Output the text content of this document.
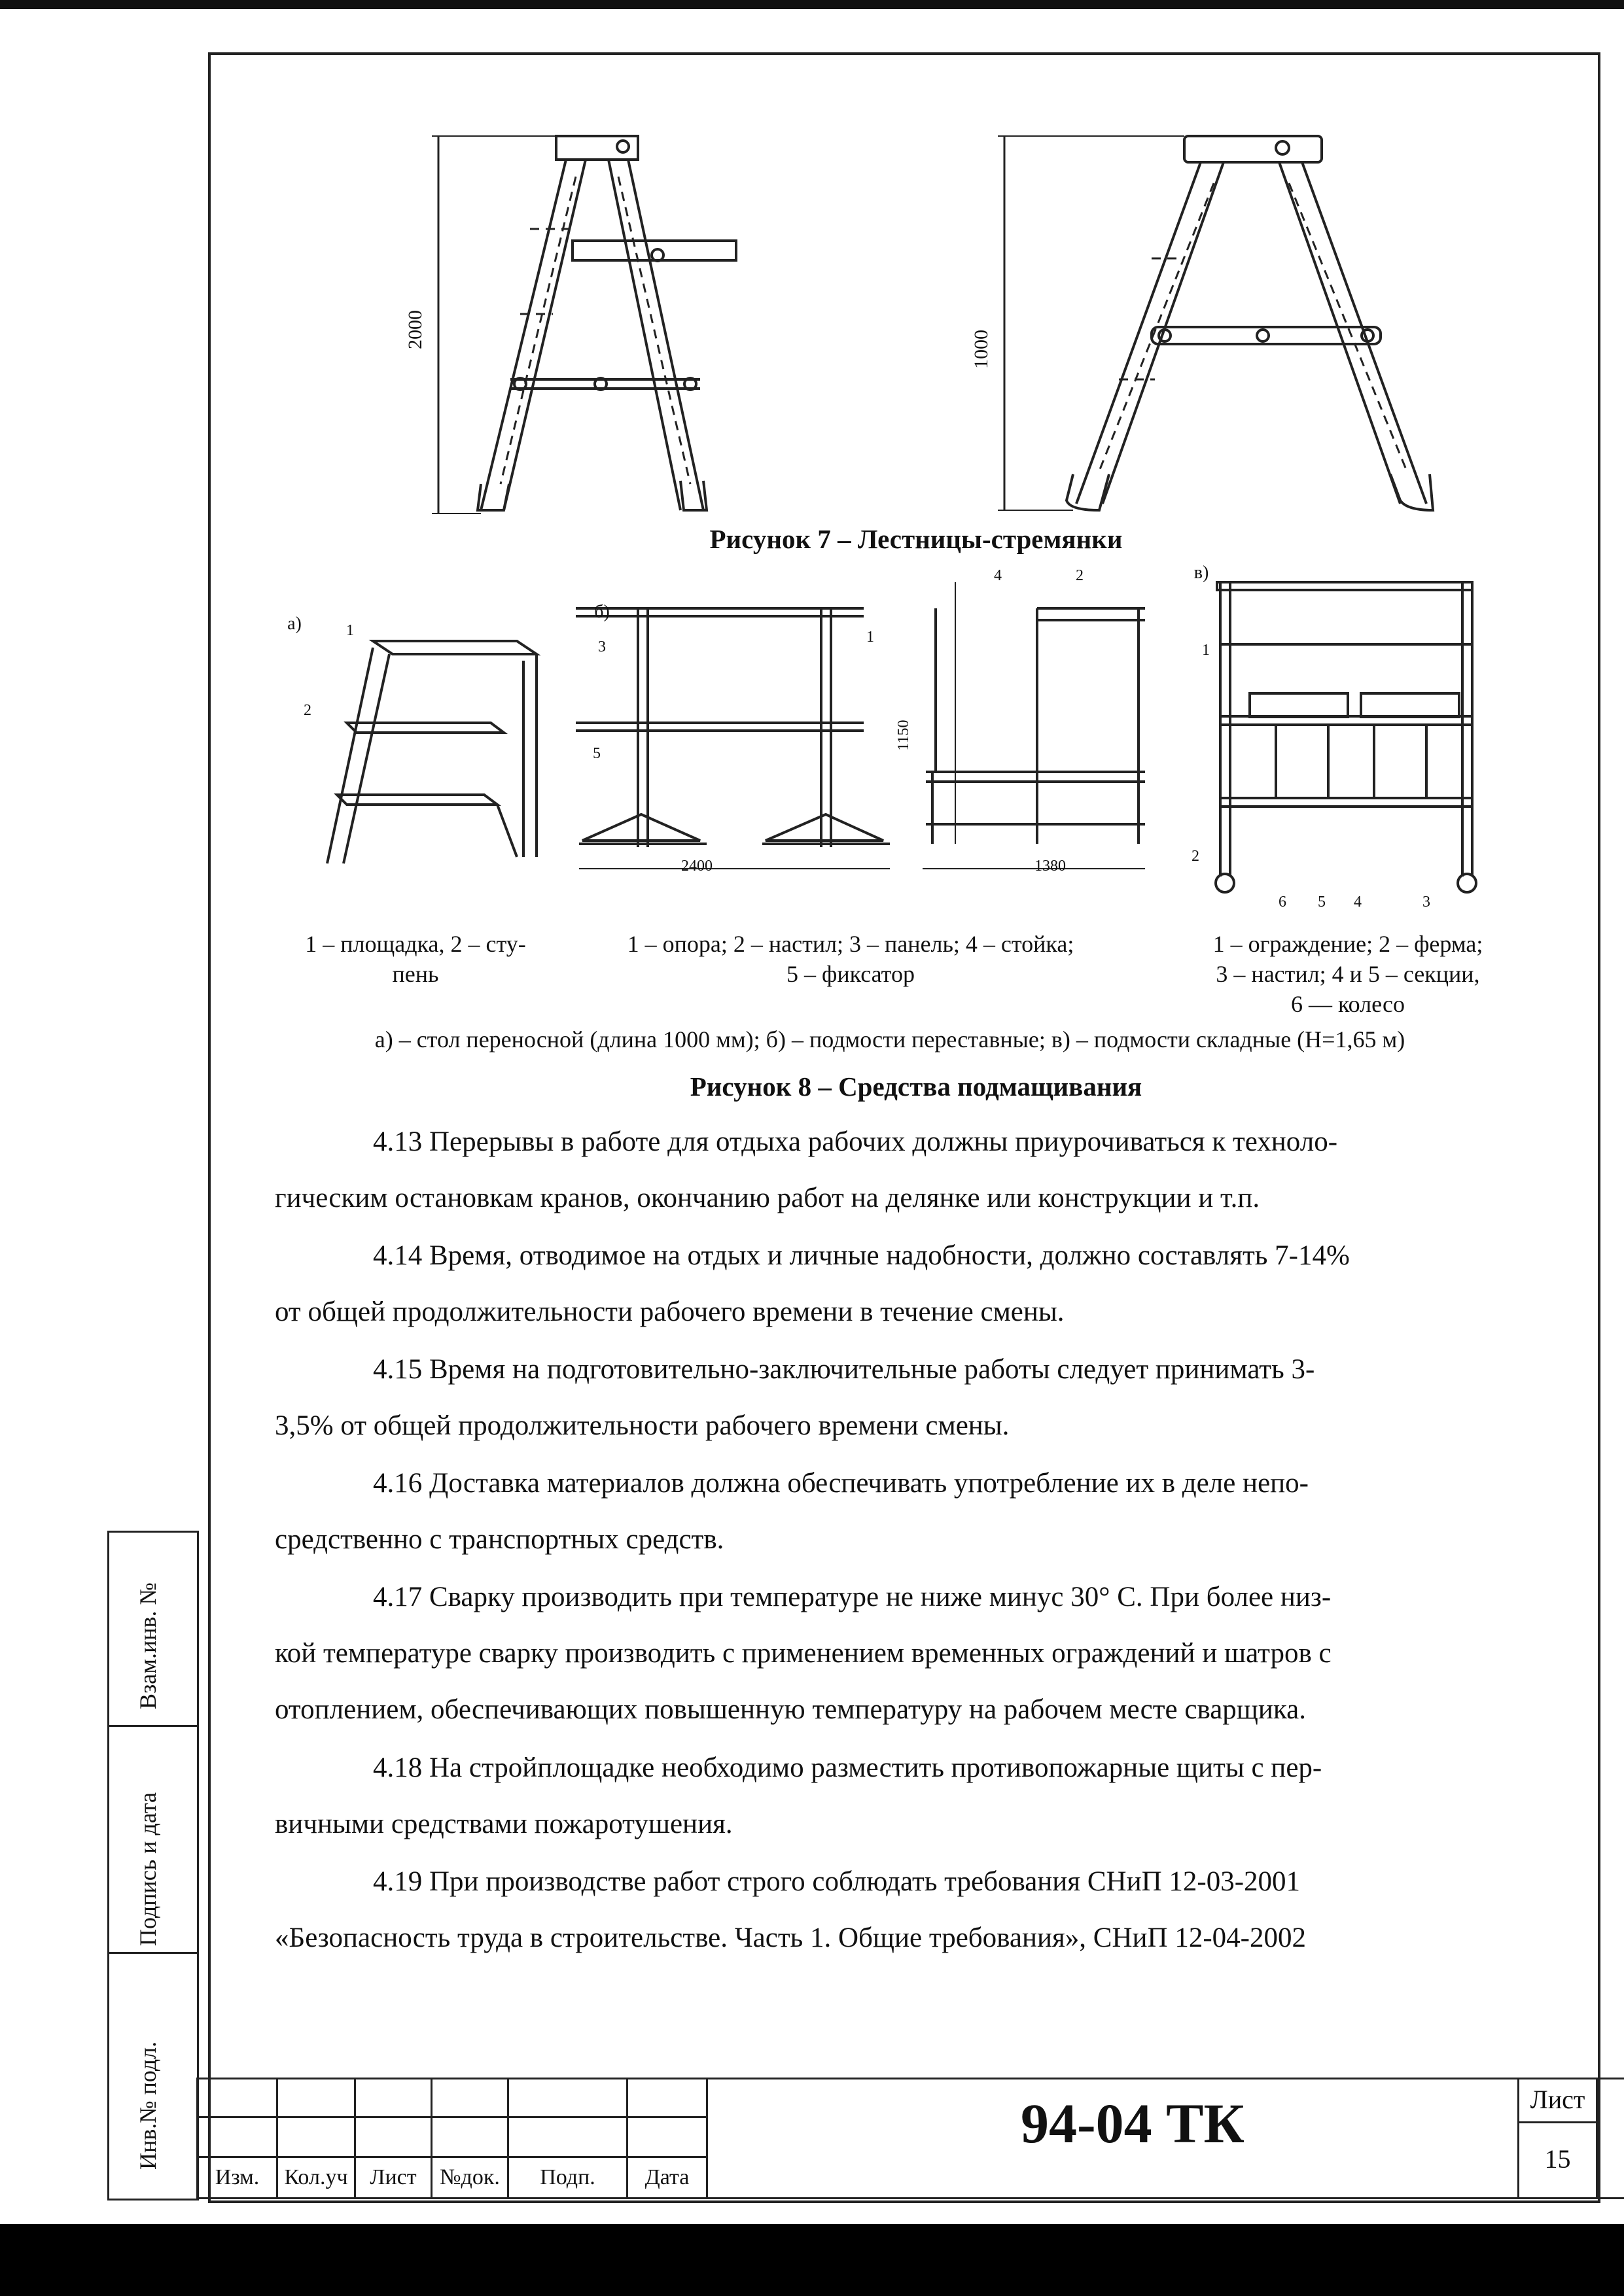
Взам.инв. №
Подпись и дата
Инв.№ подл.
2000	1000
Рисунок 7 – Лестницы-стремянки
а)
б)
в)
2400	1380
1150
1 – площадка, 2 – сту-
пень
1 – опора; 2 – настил; 3 – панель; 4 – стойка;
5 – фиксатор
1 – ограждение; 2 – ферма;
3 – настил; 4 и 5 – секции,
6 — колесо
а) – стол переносной (длина 1000 мм); б) – подмости переставные; в) – подмости складные (Н=1,65 м)
Рисунок 8 – Средства подмащивания
4.13 Перерывы в работе для отдыха рабочих должны приурочиваться к техноло-
гическим остановкам кранов, окончанию работ на делянке или конструкции и т.п.
4.14 Время, отводимое на отдых и личные надобности, должно составлять 7-14%
от общей продолжительности рабочего времени в течение смены.
4.15 Время на подготовительно-заключительные работы следует принимать 3-
3,5% от общей продолжительности рабочего времени смены.
4.16 Доставка материалов должна обеспечивать употребление их в деле непо-
средственно с транспортных средств.
4.17 Сварку производить при температуре не ниже минус 30° С. При более низ-
кой температуре сварку производить с применением временных ограждений и шатров с
отоплением, обеспечивающих повышенную температуру на рабочем месте сварщика.
4.18 На стройплощадке необходимо разместить противопожарные щиты с пер-
вичными средствами пожаротушения.
4.19 При производстве работ строго соблюдать требования СНиП 12-03-2001
«Безопасность труда в строительстве. Часть 1. Общие требования», СНиП 12-04-2002
Изм.	Кол.уч Лист	№док.	Подп.	Дата
Лист
15
94-04 ТК
1
2
1
2
3
4
5
1
2
3
4
5
6
